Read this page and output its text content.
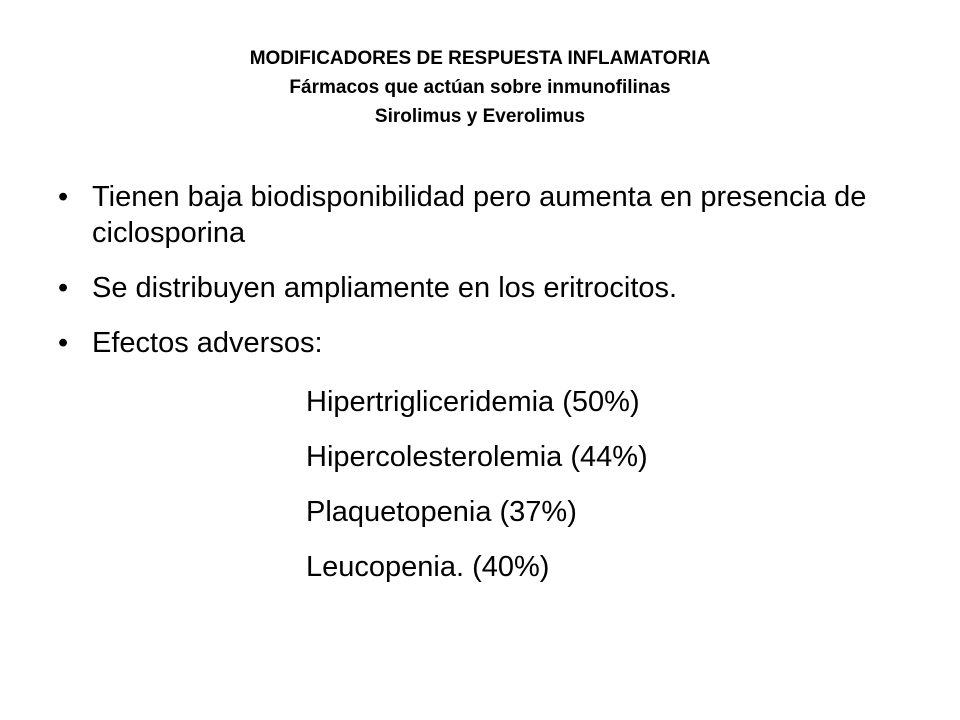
MODIFICADORES DE RESPUESTA INFLAMATORIA
Fármacos que actúan sobre inmunofilinas
Sirolimus y Everolimus
• Tienen baja biodisponibilidad pero aumenta en presencia de ciclosporina
• Se distribuyen ampliamente en los eritrocitos.
• Efectos adversos:
Hipertrigliceridemia (50%)
Hipercolesterolemia (44%)
Plaquetopenia (37%)
Leucopenia. (40%)
